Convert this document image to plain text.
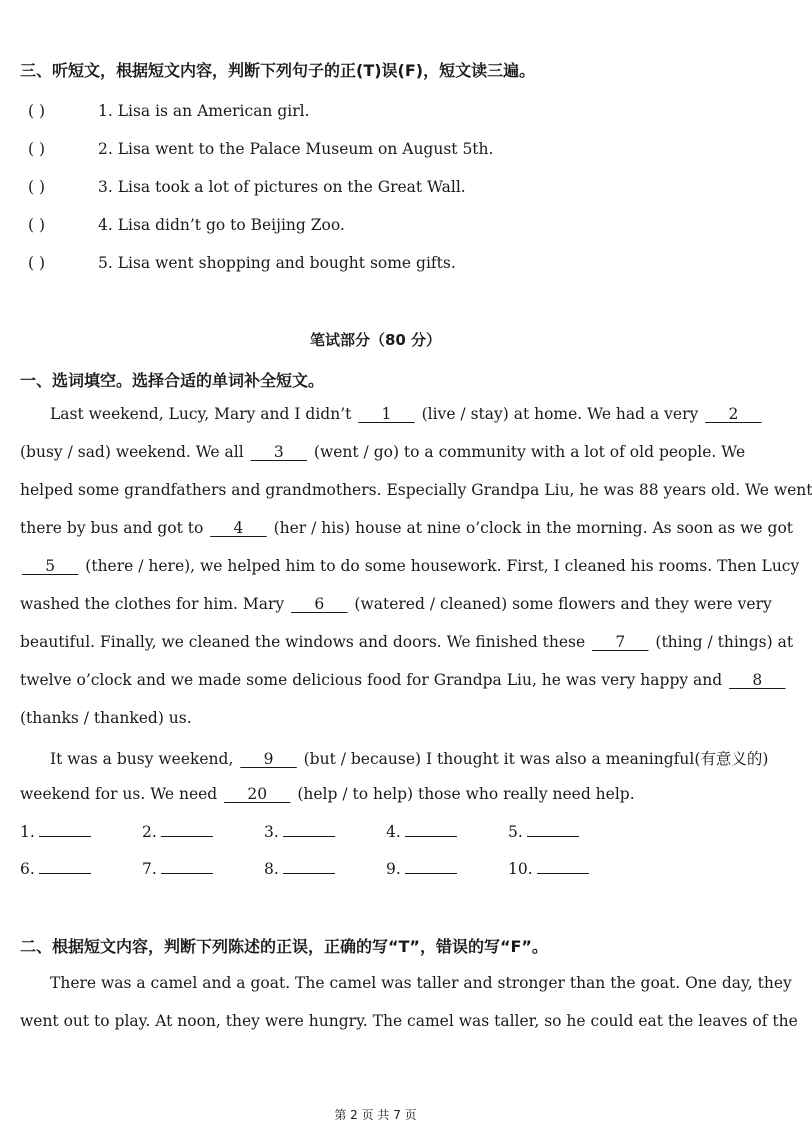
三、听短文，根据短文内容，判断下列句子的正(T)误(F)，短文读三遍。
( )	1. Lisa is an American girl.
( )	2. Lisa went to the Palace Museum on August 5th.
( )	3. Lisa took a lot of pictures on the Great Wall.
( )	4. Lisa didn’t go to Beijing Zoo.
( )	5. Lisa went shopping and bought some gifts.
笔试部分（80 分）
一、选词填空。选择合适的单词补全短文。
Last weekend, Lucy, Mary and I didn’t ___1___ (live / stay) at home. We had a very ___2___
(busy / sad) weekend. We all ___3___ (went / go) to a community with a lot of old people. We
helped some grandfathers and grandmothers. Especially Grandpa Liu, he was 88 years old. We went
there by bus and got to ___4___ (her / his) house at nine o’clock in the morning. As soon as we got
___5___ (there / here), we helped him to do some housework. First, I cleaned his rooms. Then Lucy
washed the clothes for him. Mary ___6___ (watered / cleaned) some flowers and they were very
beautiful. Finally, we cleaned the windows and doors. We finished these ___7___ (thing / things) at
twelve o’clock and we made some delicious food for Grandpa Liu, he was very happy and ___8___
(thanks / thanked) us.
It was a busy weekend, ___9___ (but / because) I thought it was also a meaningful(有意义的)
weekend for us. We need ___20___ (help / to help) those who really need help.
1.	2.	3.	4.	5.
6.	7.	8.	9.	10.
二、根据短文内容，判断下列陈述的正误，正确的写“T”，错误的写“F”。
There was a camel and a goat. The camel was taller and stronger than the goat. One day, they
went out to play. At noon, they were hungry. The camel was taller, so he could eat the leaves of the
第 2 页 共 7 页
